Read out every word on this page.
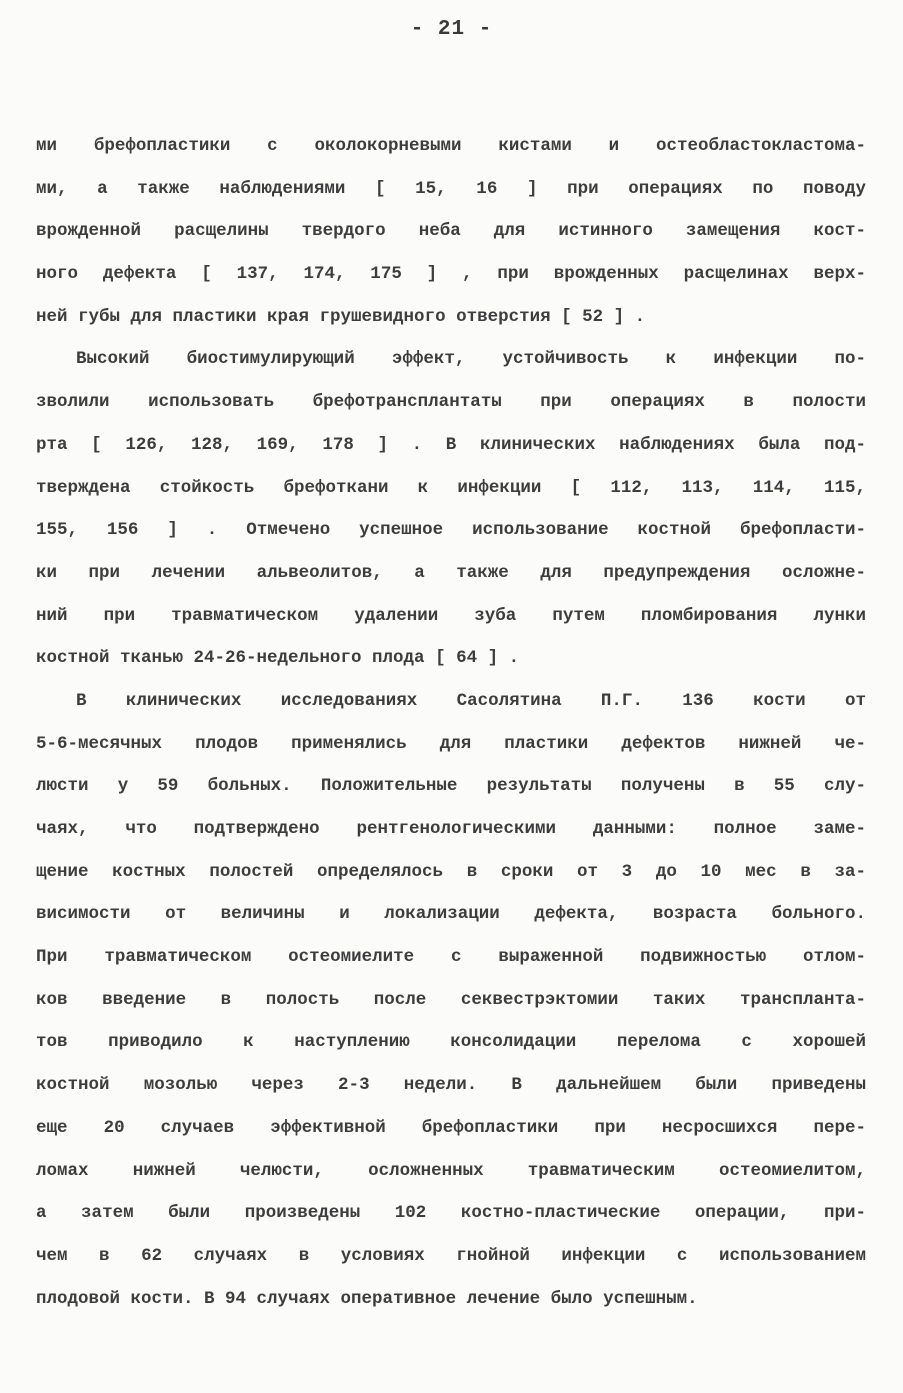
- 21 -
ми брефопластики с околокорневыми кистами и остеобластокластома-
ми, а также наблюдениями [ 15, 16 ] при операциях по поводу
врожденной расщелины твердого неба для истинного замещения кост-
ного дефекта [ 137, 174, 175 ] , при врожденных расщелинах верх-
ней губы для пластики края грушевидного отверстия [ 52 ] .
Высокий биостимулирующий эффект, устойчивость к инфекции по-
зволили использовать брефотрансплантаты при операциях в полости
рта [ 126, 128, 169, 178 ] . В клинических наблюдениях была под-
тверждена стойкость брефоткани к инфекции [ 112, 113, 114, 115,
155, 156 ] . Отмечено успешное использование костной брефопласти-
ки при лечении альвеолитов, а также для предупреждения осложне-
ний при травматическом удалении зуба путем пломбирования лунки
костной тканью 24-26-недельного плода [ 64 ] .
В клинических исследованиях Сасолятина П.Г. 136 кости от
5-6-месячных плодов применялись для пластики дефектов нижней че-
люсти у 59 больных. Положительные результаты получены в 55 слу-
чаях, что подтверждено рентгенологическими данными: полное заме-
щение костных полостей определялось в сроки от 3 до 10 мес в за-
висимости от величины и локализации дефекта, возраста больного.
При травматическом остеомиелите с выраженной подвижностью отлом-
ков введение в полость после секвестрэктомии таких трансплантa-
тов приводило к наступлению консолидации перелома с хорошей
костной мозолью через 2-3 недели. В дальнейшем были приведены
еще 20 случаев эффективной брефопластики при несросшихся пере-
ломах нижней челюсти, осложненных травматическим остеомиелитом,
а затем были произведены 102 костно-пластические операции, при-
чем в 62 случаях в условиях гнойной инфекции с использованием
плодовой кости. В 94 случаях оперативное лечение было успешным.
